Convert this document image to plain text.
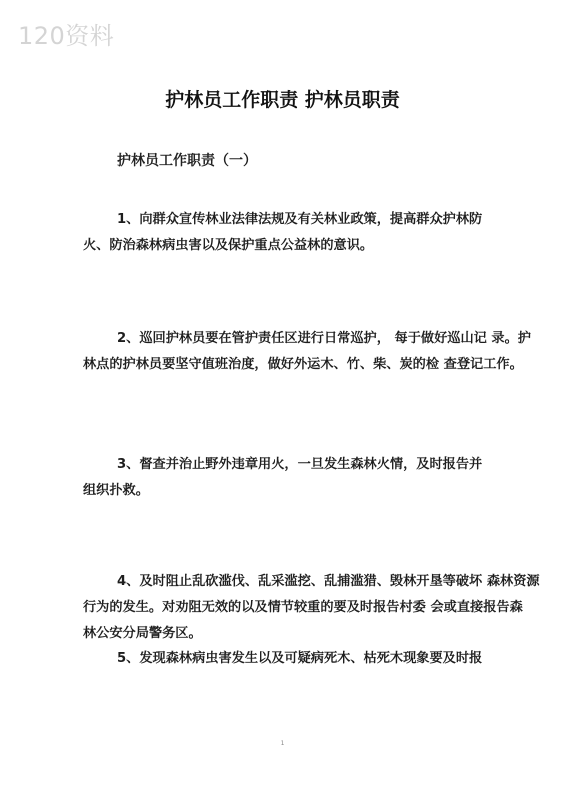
120资料
护林员工作职责 护林员职责
护林员工作职责（一）
1、向群众宣传林业法律法规及有关林业政策，提高群众护林防
火、防治森林病虫害以及保护重点公益林的意识。
2、巡回护林员要在管护责任区进行日常巡护， 每于做好巡山记 录。护
林点的护林员要坚守值班治度，做好外运木、竹、柴、炭的检 查登记工作。
3、督查并治止野外违章用火，一旦发生森林火情，及时报告并
组织扑救。
4、及时阻止乱砍滥伐、乱采滥挖、乱捕滥猎、毁林开垦等破坏 森林资源
行为的发生。对劝阻无效的以及情节较重的要及时报告村委 会或直接报告森
林公安分局警务区。
5、发现森林病虫害发生以及可疑病死木、枯死木现象要及时报
1
